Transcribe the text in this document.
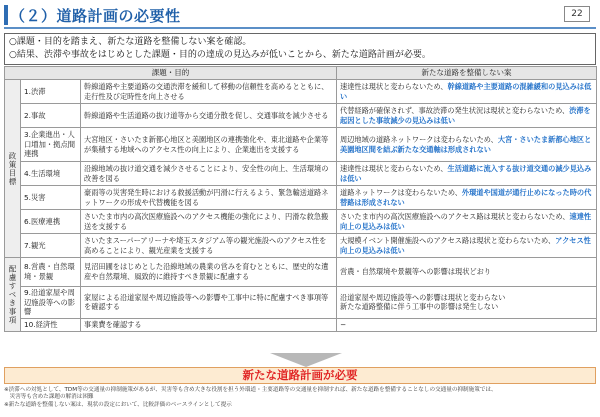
（２）道路計画の必要性	22
○課題・目的を踏まえ、新たな道路を整備しない案を確認。
○結果、渋滞や事故をはじめとした課題・目的の達成の見込みが低いことから、新たな道路計画が必要。
課題・目的			新たな道路を整備しない案
政策目標	1.渋滞	幹線道路や主要道路の交通渋滞を緩和して移動の信頼性を高めるとともに、走行性及び定時性を向上させる	速達性は現状と変わらないため、幹線道路や主要道路の混雑緩和の見込みは低い
	2.事故	幹線道路や生活道路の抜け道等から交通分散を促し、交通事故を減少させる	代替経路が確保されず、事故渋滞の発生状況は現状と変わらないため、渋滞を起因とした事故減少の見込みは低い
	3.企業進出・人口増加・拠点間連携	大宮地区・さいたま新都心地区と美園地区の連携強化や、東北道路や企業等が集積する地域へのアクセス性の向上により、企業進出を支援する	周辺地域の道路ネットワークは変わらないため、大宮・さいたま新都心地区と美園地区間を結ぶ新たな交通軸は形成されない
	4.生活環境	沿線地域の抜け道交通を減少させることにより、安全性の向上、生活環境の改善を図る	速達性は現状と変わらないため、生活道路に流入する抜け道交通の減少見込みは低い
	5.災害	豪雨等の災害発生時における救援活動が円滑に行えるよう、緊急輸送道路ネットワークの形成や代替機能を図る	道路ネットワークは変わらないため、外環道や国道が通行止めになった時の代替路は形成されない
	6.医療連携	さいたま市内の高次医療施設へのアクセス機能の強化により、円滑な救急搬送を支援する	さいたま市内の高次医療施設へのアクセス路は現状と変わらないため、速達性向上の見込みは低い
	7.観光	さいたまスーパーアリーナや埼玉スタジアム等の観光施設へのアクセス性を高めることにより、観光産業を支援する	大規模イベント開催施設へのアクセス路は現状と変わらないため、アクセス性向上の見込みは低い
配慮すべき事項	8.営農・自然環境・景観	見沼田圃をはじめとした沿線地域の農業の営みを育むとともに、歴史的な遺産や自然環境、風致的に維持すべき景観に配慮する	営農・自然環境や景観等への影響は現状どおり
	9.沿道家屋や周辺施設等への影響	家屋による沿道家屋や周辺施設等への影響や工事中に特に配慮すべき事項等を確認する	沿道家屋や周辺施設等への影響は現状と変わらない
新たな道路整備に伴う工事中の影響は発生しない
	10.経済性	事業費を確認する	−
新たな道路計画が必要
※渋滞への対処として、TDM等の交通量の抑制施策があるが、災害等も含め大きな役割を担う外環道・主要道路等の交通量を抑制すれば、新たな道路を整備することなしの交通量の抑制施策では、
　災害等も含めた課題の解消は困難
※新たな道路を整備しない案は、現状の設定において、比較評価のベースラインとして提示
